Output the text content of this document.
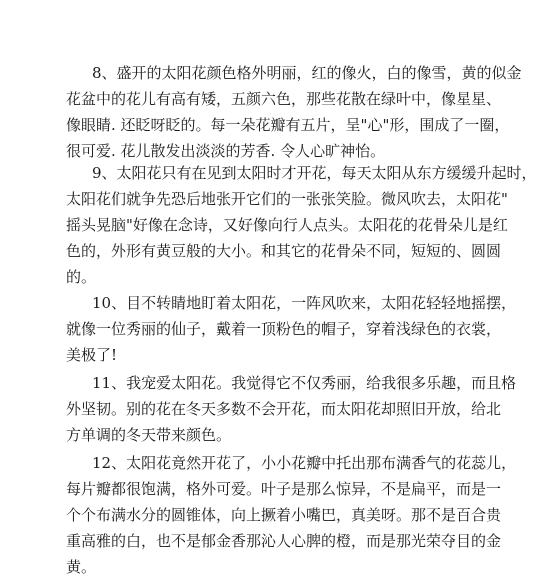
8、盛开的太阳花颜色格外明丽，红的像火，白的像雪，黄的似金
花盆中的花儿有高有矮，五颜六色，那些花散在绿叶中，像星星、
像眼睛. 还眨呀眨的。每一朵花瓣有五片，呈"心"形，围成了一圈，
很可爱. 花儿散发出淡淡的芳香. 令人心旷神怡。
9、太阳花只有在见到太阳时才开花，每天太阳从东方缓缓升起时，
太阳花们就争先恐后地张开它们的一张张笑脸。微风吹去，太阳花"
摇头晃脑"好像在念诗，又好像向行人点头。太阳花的花骨朵儿是红
色的，外形有黄豆般的大小。和其它的花骨朵不同，短短的、圆圆
的。
10、目不转睛地盯着太阳花，一阵风吹来，太阳花轻轻地摇摆，
就像一位秀丽的仙子，戴着一顶粉色的帽子，穿着浅绿色的衣裳，
美极了!
11、我宠爱太阳花。我觉得它不仅秀丽，给我很多乐趣，而且格
外坚韧。别的花在冬天多数不会开花，而太阳花却照旧开放，给北
方单调的冬天带来颜色。
12、太阳花竟然开花了，小小花瓣中托出那布满香气的花蕊儿，
每片瓣都很饱满，格外可爱。叶子是那么惊异，不是扁平，而是一
个个布满水分的圆锥体，向上撅着小嘴巴，真美呀。那不是百合贵
重高雅的白，也不是郁金香那沁人心脾的橙，而是那光荣夺目的金
黄。
